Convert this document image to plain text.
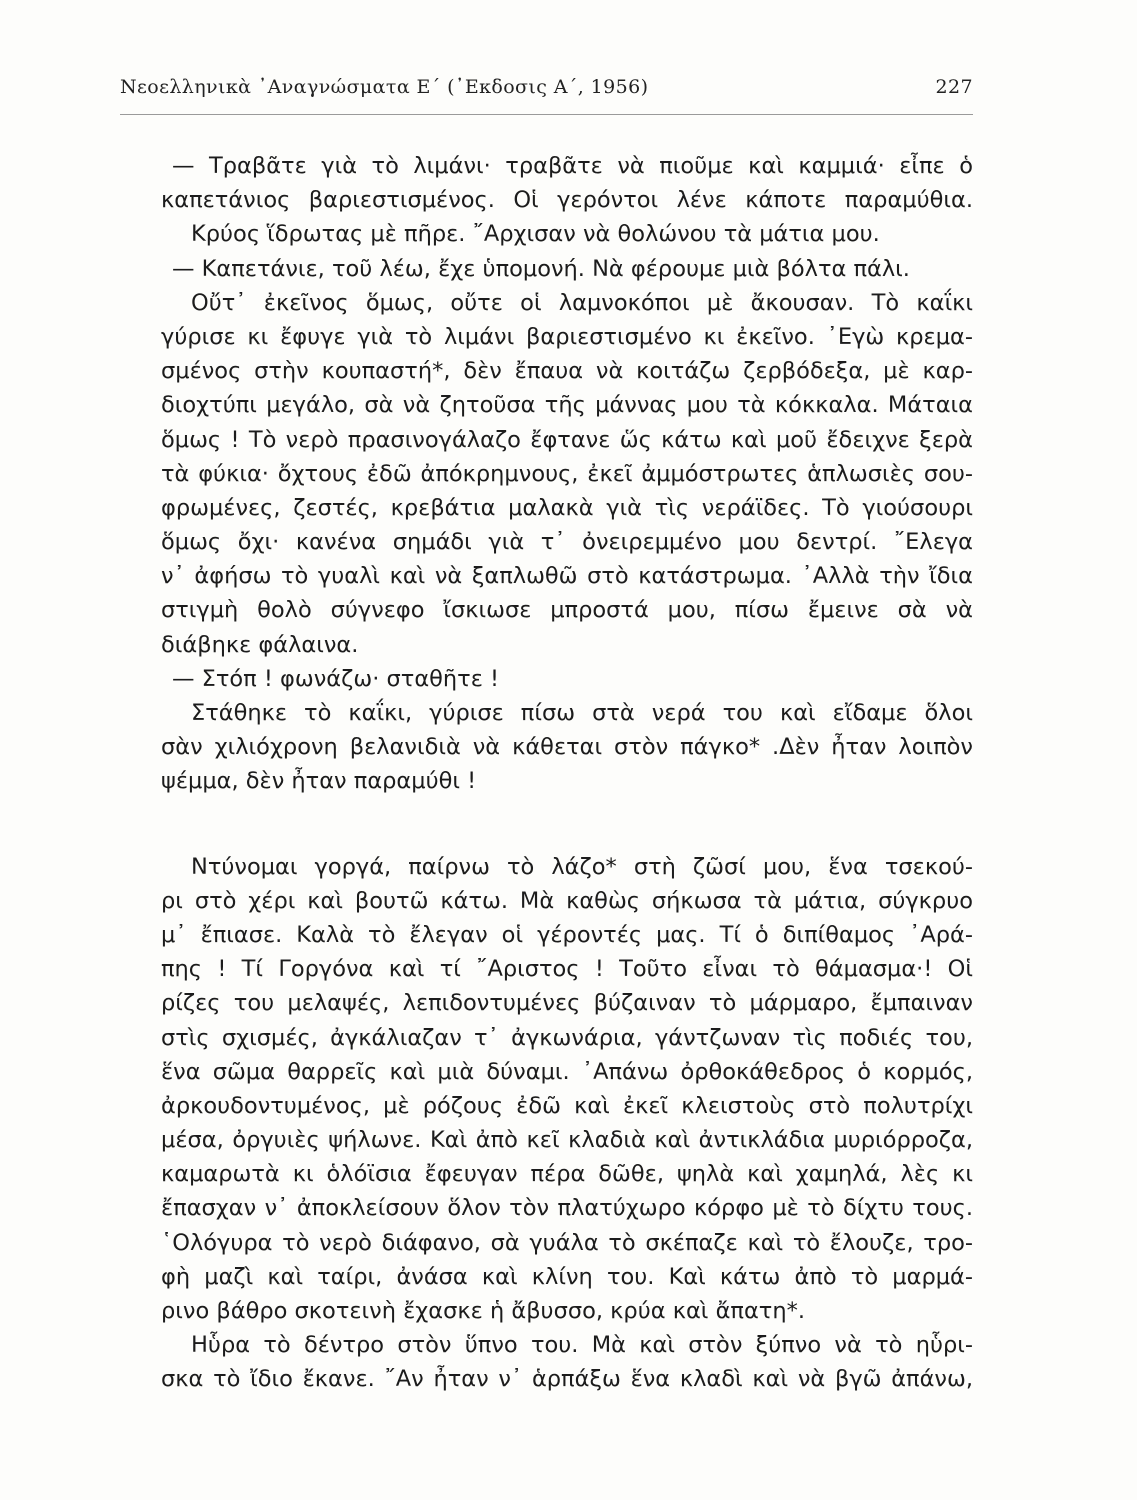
Νεοελληνικὰ ᾿Αναγνώσματα Ε΄ (᾿Εκδοσις Α΄, 1956)	227
— Τραβᾶτε γιὰ τὸ λιμάνι· τραβᾶτε νὰ πιοῦμε καὶ καμμιά· εἶπε ὁ
καπετάνιος βαριεστισμένος. Οἱ γερόντοι λένε κάποτε παραμύθια.
Κρύος ἵδρωτας μὲ πῆρε. ῎Αρχισαν νὰ θολώνου τὰ μάτια μου.
— Καπετάνιε, τοῦ λέω, ἔχε ὑπομονή. Νὰ φέρουμε μιὰ βόλτα πάλι.
Οὔτ᾿ ἐκεῖνος ὅμως, οὔτε οἱ λαμνοκόποι μὲ ἄκουσαν. Τὸ καΐκι
γύρισε κι ἔφυγε γιὰ τὸ λιμάνι βαριεστισμένο κι ἐκεῖνο. ᾿Εγὼ κρεμα-
σμένος στὴν κουπαστή*, δὲν ἔπαυα νὰ κοιτάζω ζερβόδεξα, μὲ καρ-
διοχτύπι μεγάλο, σὰ νὰ ζητοῦσα τῆς μάννας μου τὰ κόκκαλα. Μάταια
ὅμως ! Τὸ νερὸ πρασινογάλαζο ἔφτανε ὥς κάτω καὶ μοῦ ἔδειχνε ξερὰ
τὰ φύκια· ὄχτους ἐδῶ ἀπόκρημνους, ἐκεῖ ἀμμόστρωτες ἁπλωσιὲς σου-
φρωμένες, ζεστές, κρεβάτια μαλακὰ γιὰ τὶς νεράϊδες. Τὸ γιούσουρι
ὅμως ὄχι· κανένα σημάδι γιὰ τ᾿ ὀνειρεμμένο μου δεντρί. ῎Ελεγα
ν᾿ ἀφήσω τὸ γυαλὶ καὶ νὰ ξαπλωθῶ στὸ κατάστρωμα. ᾿Αλλὰ τὴν ἴδια
στιγμὴ θολὸ σύγνεφο ἴσκιωσε μπροστά μου, πίσω ἔμεινε σὰ νὰ
διάβηκε φάλαινα.
— Στόπ ! φωνάζω· σταθῆτε !
Στάθηκε τὸ καΐκι, γύρισε πίσω στὰ νερά του καὶ εἴδαμε ὅλοι
σὰν χιλιόχρονη βελανιδιὰ νὰ κάθεται στὸν πάγκο* .Δὲν ἦταν λοιπὸν
ψέμμα, δὲν ἦταν παραμύθι !
Ντύνομαι γοργά, παίρνω τὸ λάζο* στὴ ζῶσί μου, ἕνα τσεκού-
ρι στὸ χέρι καὶ βουτῶ κάτω. Μὰ καθὼς σήκωσα τὰ μάτια, σύγκρυο
μ᾿ ἔπιασε. Καλὰ τὸ ἔλεγαν οἱ γέροντές μας. Τί ὁ διπίθαμος ᾿Αρά-
πης ! Τί Γοργόνα καὶ τί ῎Αριστος ! Τοῦτο εἶναι τὸ θάμασμα·! Οἱ
ρίζες του μελαψές, λεπιδοντυμένες βύζαιναν τὸ μάρμαρο, ἔμπαιναν
στὶς σχισμές, ἀγκάλιαζαν τ᾿ ἀγκωνάρια, γάντζωναν τὶς ποδιές του,
ἕνα σῶμα θαρρεῖς καὶ μιὰ δύναμι. ᾿Απάνω ὀρθοκάθεδρος ὁ κορμός,
ἀρκουδοντυμένος, μὲ ρόζους ἐδῶ καὶ ἐκεῖ κλειστοὺς στὸ πολυτρίχι
μέσα, ὀργυιὲς ψήλωνε. Καὶ ἀπὸ κεῖ κλαδιὰ καὶ ἀντικλάδια μυριόρροζα,
καμαρωτὰ κι ὁλόϊσια ἔφευγαν πέρα δῶθε, ψηλὰ καὶ χαμηλά, λὲς κι
ἔπασχαν ν᾿ ἀποκλείσουν ὅλον τὸν πλατύχωρο κόρφο μὲ τὸ δίχτυ τους.
῾Ολόγυρα τὸ νερὸ διάφανο, σὰ γυάλα τὸ σκέπαζε καὶ τὸ ἔλουζε, τρο-
φὴ μαζὶ καὶ ταίρι, ἀνάσα καὶ κλίνη του. Καὶ κάτω ἀπὸ τὸ μαρμά-
ρινο βάθρο σκοτεινὴ ἔχασκε ἡ ἄβυσσο, κρύα καὶ ἄπατη*.
Ηὗρα τὸ δέντρο στὸν ὕπνο του. Μὰ καὶ στὸν ξύπνο νὰ τὸ ηὗρι-
σκα τὸ ἴδιο ἔκανε. ῎Αν ἦταν ν᾿ ἁρπάξω ἕνα κλαδὶ καὶ νὰ βγῶ ἀπάνω,
